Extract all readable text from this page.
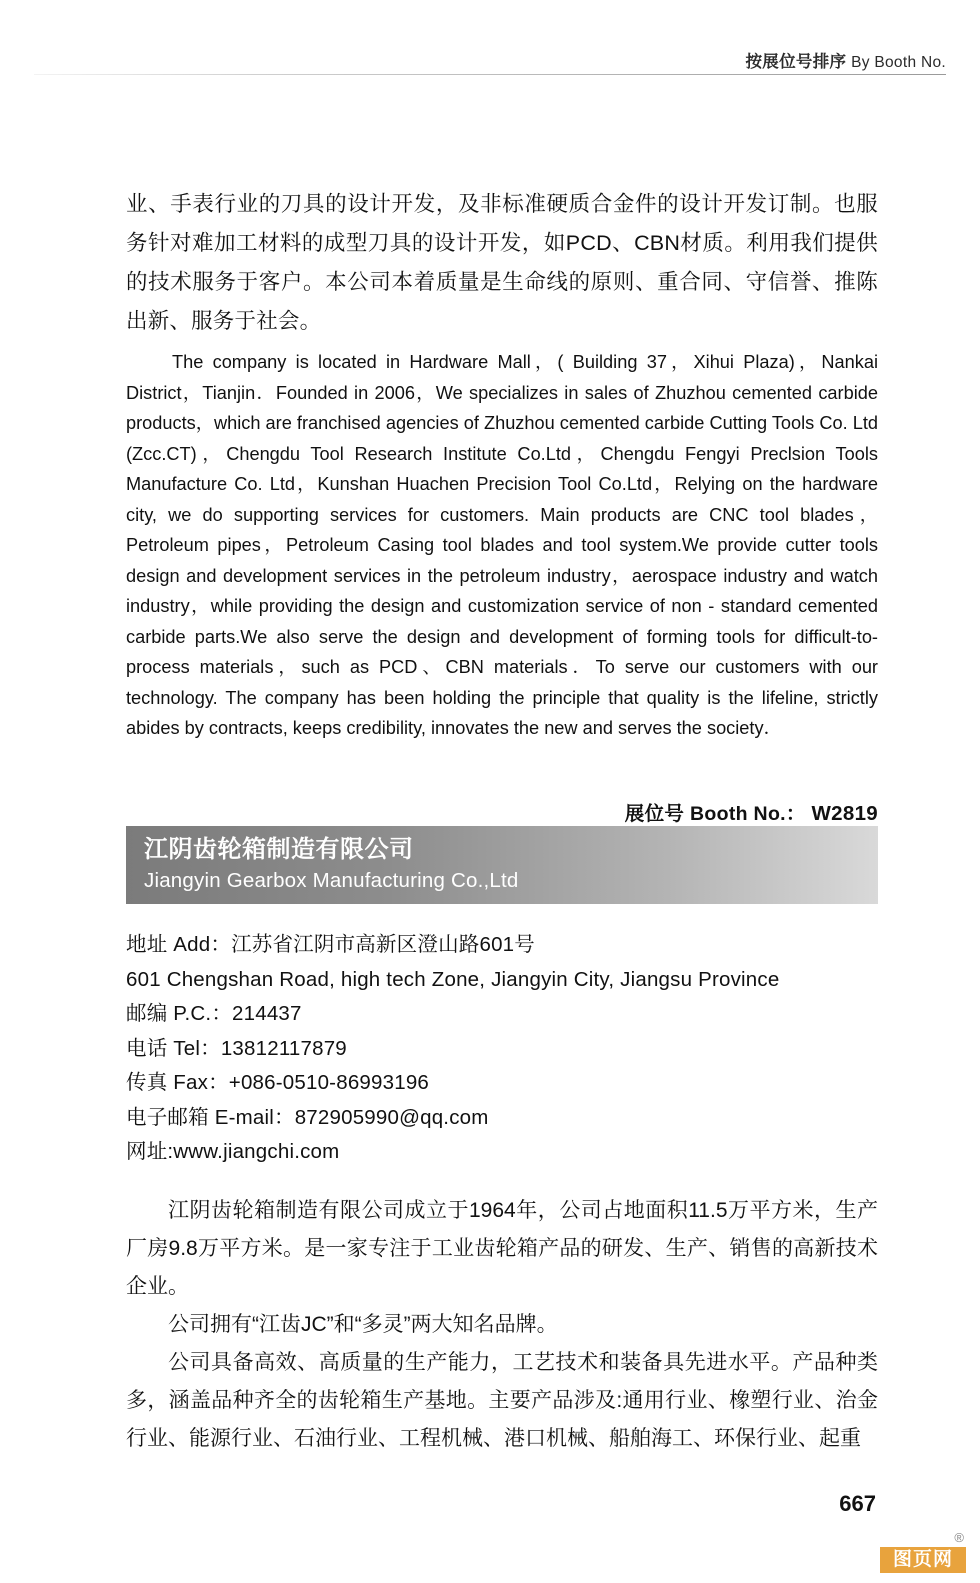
按展位号排序 By Booth No.

业、手表行业的刀具的设计开发，及非标准硬质合金件的设计开发订制。也服务针对难加工材料的成型刀具的设计开发，如PCD、CBN材质。利用我们提供的技术服务于客户。本公司本着质量是生命线的原则、重合同、守信誉、推陈出新、服务于社会。

The company is located in Hardware Mall，( Building 37，Xihui Plaza)，Nankai District，Tianjin．Founded in 2006，We specializes in sales of Zhuzhou cemented carbide products，which are franchised agencies of Zhuzhou cemented carbide Cutting Tools Co. Ltd (Zcc.CT)，Chengdu Tool Research Institute Co.Ltd，Chengdu Fengyi Preclsion Tools Manufacture Co. Ltd，Kunshan Huachen Precision Tool Co.Ltd，Relying on the hardware city, we do supporting services for customers. Main products are CNC tool blades，Petroleum pipes，Petroleum Casing tool blades and tool system.We provide cutter tools design and development services in the petroleum industry，aerospace industry and watch industry，while providing the design and customization service of non - standard cemented carbide parts.We also serve the design and development of forming tools for difficult-to- process materials，such as PCD、CBN materials．To serve our customers with our technology. The company has been holding the principle that quality is the lifeline, strictly abides by contracts, keeps credibility, innovates the new and serves the society．

展位号 Booth No.： W2819
江阴齿轮箱制造有限公司
Jiangyin Gearbox Manufacturing Co.,Ltd
地址 Add：江苏省江阴市高新区澄山路601号
601 Chengshan Road, high tech Zone, Jiangyin City, Jiangsu Province
邮编 P.C.：214437
电话 Tel：13812117879
传真 Fax：+086-0510-86993196
电子邮箱 E-mail：872905990@qq.com
网址:www.jiangchi.com

江阴齿轮箱制造有限公司成立于1964年，公司占地面积11.5万平方米，生产厂房9.8万平方米。是一家专注于工业齿轮箱产品的研发、生产、销售的高新技术企业。

公司拥有“江齿JC”和“多灵”两大知名品牌。

公司具备高效、高质量的生产能力，工艺技术和装备具先进水平。产品种类多，涵盖品种齐全的齿轮箱生产基地。主要产品涉及:通用行业、橡塑行业、治金行业、能源行业、石油行业、工程机械、港口机械、船舶海工、环保行业、起重

667
®
图页网
